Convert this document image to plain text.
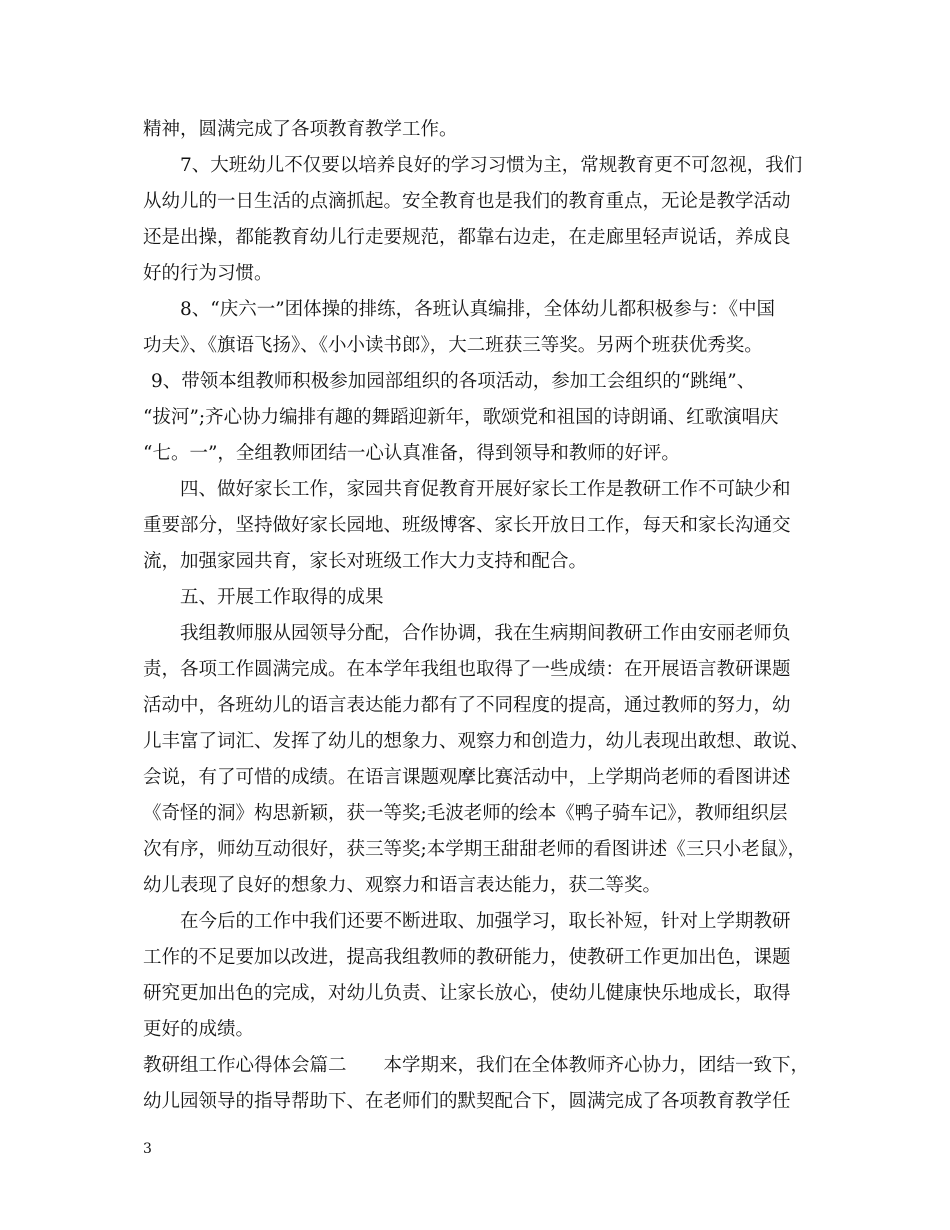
精神，圆满完成了各项教育教学工作。
7、大班幼儿不仅要以培养良好的学习习惯为主，常规教育更不可忽视，我们
从幼儿的一日生活的点滴抓起。安全教育也是我们的教育重点，无论是教学活动
还是出操，都能教育幼儿行走要规范，都靠右边走，在走廊里轻声说话，养成良
好的行为习惯。
8、“庆六一”团体操的排练，各班认真编排，全体幼儿都积极参与：《中国
功夫》、《旗语飞扬》、《小小读书郎》，大二班获三等奖。另两个班获优秀奖。
9、带领本组教师积极参加园部组织的各项活动，参加工会组织的“跳绳”、
“拔河”;齐心协力编排有趣的舞蹈迎新年，歌颂党和祖国的诗朗诵、红歌演唱庆
“七。一”，全组教师团结一心认真准备，得到领导和教师的好评。
四、做好家长工作，家园共育促教育开展好家长工作是教研工作不可缺少和
重要部分，坚持做好家长园地、班级博客、家长开放日工作，每天和家长沟通交
流，加强家园共育，家长对班级工作大力支持和配合。
五、开展工作取得的成果
我组教师服从园领导分配，合作协调，我在生病期间教研工作由安丽老师负
责，各项工作圆满完成。在本学年我组也取得了一些成绩：在开展语言教研课题
活动中，各班幼儿的语言表达能力都有了不同程度的提高，通过教师的努力，幼
儿丰富了词汇、发挥了幼儿的想象力、观察力和创造力，幼儿表现出敢想、敢说、
会说，有了可惜的成绩。在语言课题观摩比赛活动中，上学期尚老师的看图讲述
《奇怪的洞》构思新颖，获一等奖;毛波老师的绘本《鸭子骑车记》，教师组织层
次有序，师幼互动很好，获三等奖;本学期王甜甜老师的看图讲述《三只小老鼠》，
幼儿表现了良好的想象力、观察力和语言表达能力，获二等奖。
在今后的工作中我们还要不断进取、加强学习，取长补短，针对上学期教研
工作的不足要加以改进，提高我组教师的教研能力，使教研工作更加出色，课题
研究更加出色的完成，对幼儿负责、让家长放心，使幼儿健康快乐地成长，取得
更好的成绩。
教研组工作心得体会篇二　　本学期来，我们在全体教师齐心协力，团结一致下，
幼儿园领导的指导帮助下、在老师们的默契配合下，圆满完成了各项教育教学任
3
